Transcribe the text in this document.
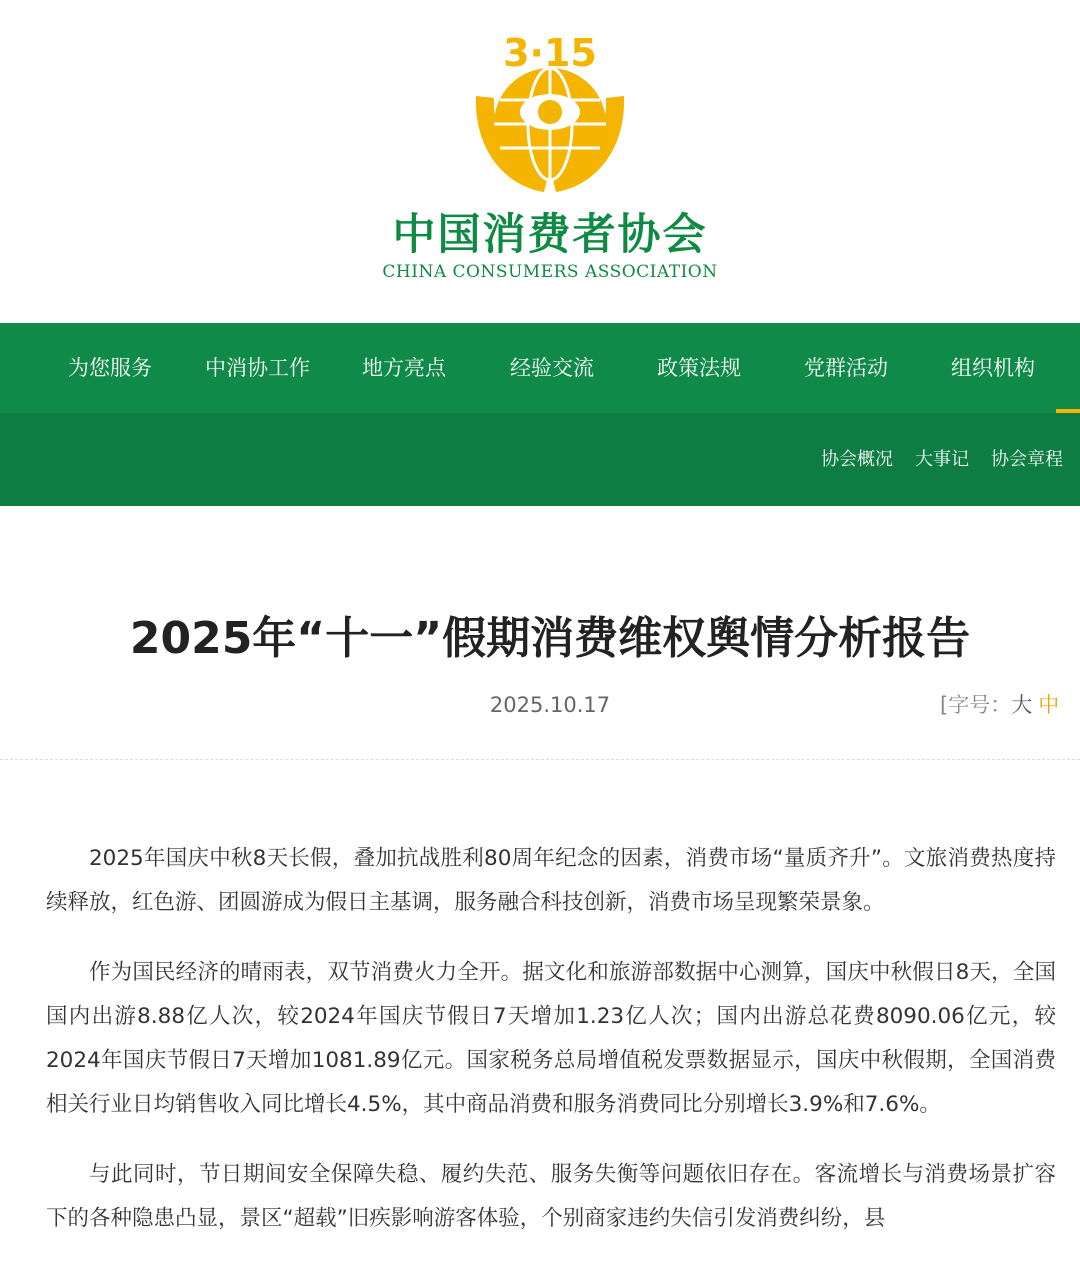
3·15
中国消费者协会
CHINA CONSUMERS ASSOCIATION
为您服务	中消协工作 地方亮点	经验交流	政策法规	党群活动	组织机构
协会概况 大事记 协会章程
2025年“十一”假期消费维权舆情分析报告
2025.10.17	[字号：大 中

2025年国庆中秋8天长假，叠加抗战胜利80周年纪念的因素，消费市场“量质齐升”。文旅消费热度持续释放，红色游、团圆游成为假日主基调，服务融合科技创新，消费市场呈现繁荣景象。

作为国民经济的晴雨表，双节消费火力全开。据文化和旅游部数据中心测算，国庆中秋假日8天，全国国内出游8.88亿人次，较2024年国庆节假日7天增加1.23亿人次；国内出游总花费8090.06亿元，较2024年国庆节假日7天增加1081.89亿元。国家税务总局增值税发票数据显示，国庆中秋假期，全国消费相关行业日均销售收入同比增长4.5%，其中商品消费和服务消费同比分别增长3.9%和7.6%。

与此同时，节日期间安全保障失稳、履约失范、服务失衡等问题依旧存在。客流增长与消费场景扩容下的各种隐患凸显，景区“超载”旧疾影响游客体验，个别商家违约失信引发消费纠纷，县
